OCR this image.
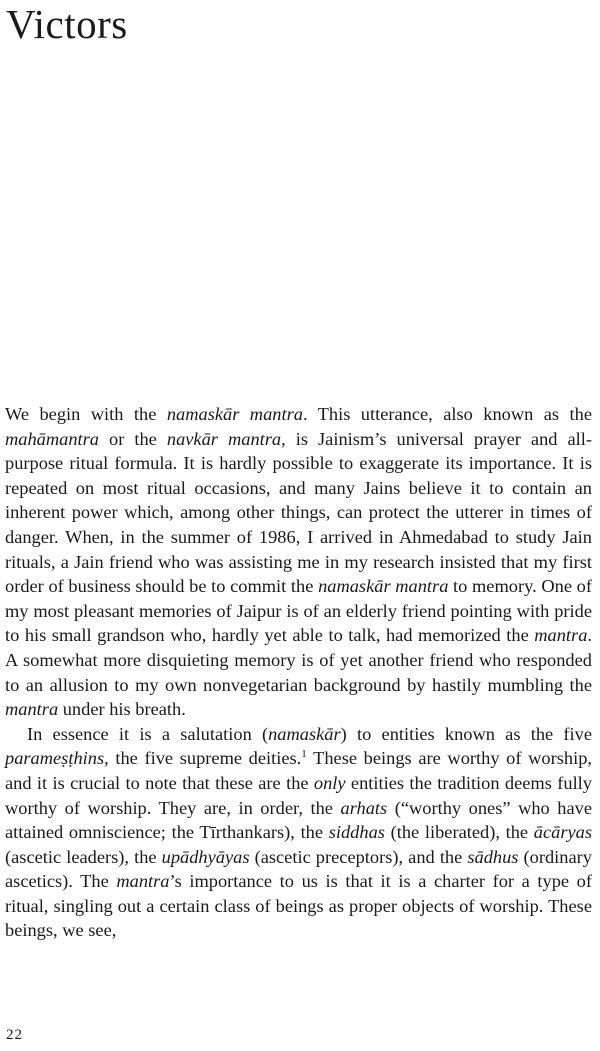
Victors

We begin with the namaskār mantra. This utterance, also known as the mahāmantra or the navkār mantra, is Jainism’s universal prayer and all-purpose ritual formula. It is hardly possible to exaggerate its importance. It is repeated on most ritual occasions, and many Jains believe it to contain an inherent power which, among other things, can protect the utterer in times of danger. When, in the summer of 1986, I arrived in Ahmedabad to study Jain rituals, a Jain friend who was assisting me in my research insisted that my first order of business should be to commit the namaskār mantra to memory. One of my most pleasant memories of Jaipur is of an elderly friend pointing with pride to his small grandson who, hardly yet able to talk, had memorized the mantra. A somewhat more disquieting memory is of yet another friend who responded to an allusion to my own nonvegetarian background by hastily mumbling the mantra under his breath.

In essence it is a salutation (namaskār) to entities known as the five parameṣṭhins, the five supreme deities.$^1$ These beings are worthy of worship, and it is crucial to note that these are the only entities the tradition deems fully worthy of worship. They are, in order, the arhats (“worthy ones” who have attained omniscience; the Tīrthankars), the siddhas (the liberated), the ācāryas (ascetic leaders), the upādhyāyas (ascetic preceptors), and the sādhus (ordinary ascetics). The mantra’s importance to us is that it is a charter for a type of ritual, singling out a certain class of beings as proper objects of worship. These beings, we see,

22
